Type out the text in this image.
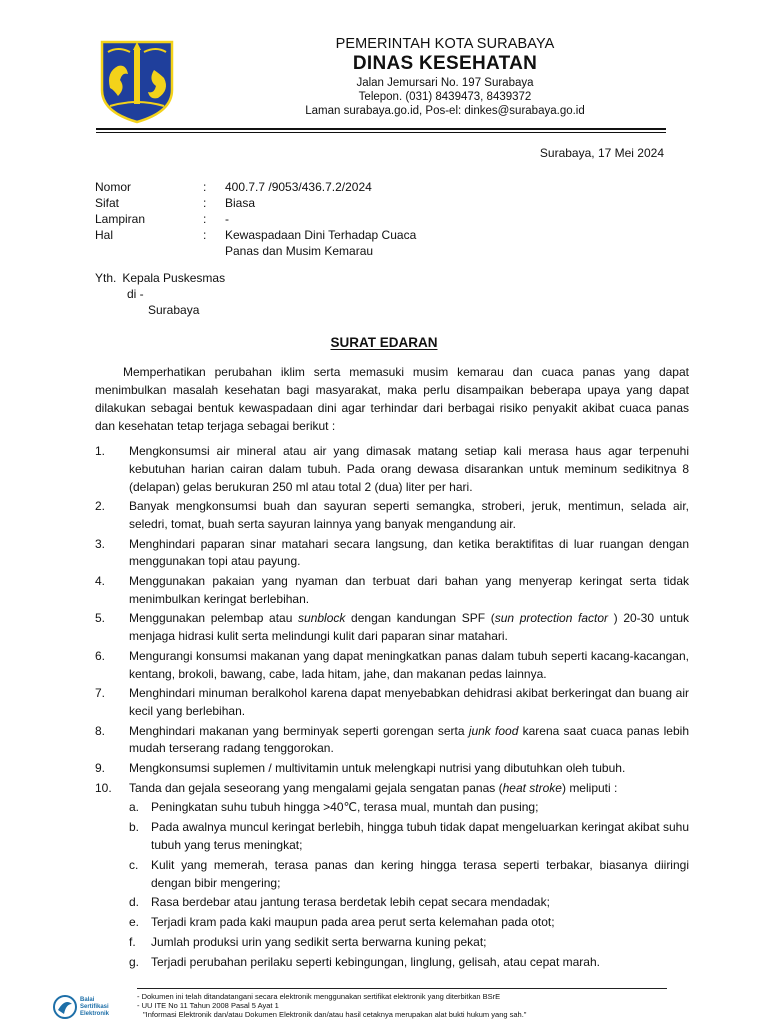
PEMERINTAH KOTA SURABAYA
DINAS KESEHATAN
Jalan Jemursari No. 197 Surabaya
Telepon. (031) 8439473, 8439372
Laman surabaya.go.id, Pos-el: dinkes@surabaya.go.id
Surabaya, 17 Mei 2024
Nomor	:	400.7.7 /9053/436.7.2/2024
Sifat	:	Biasa
Lampiran	:	-
Hal	:	Kewaspadaan Dini Terhadap Cuaca Panas dan Musim Kemarau
Yth. Kepala Puskesmas
di -
Surabaya
SURAT EDARAN
Memperhatikan perubahan iklim serta memasuki musim kemarau dan cuaca panas yang dapat menimbulkan masalah kesehatan bagi masyarakat, maka perlu disampaikan beberapa upaya yang dapat dilakukan sebagai bentuk kewaspadaan dini agar terhindar dari berbagai risiko penyakit akibat cuaca panas dan kesehatan tetap terjaga sebagai berikut :
1.	Mengkonsumsi air mineral atau air yang dimasak matang setiap kali merasa haus agar terpenuhi kebutuhan harian cairan dalam tubuh. Pada orang dewasa disarankan untuk meminum sedikitnya 8 (delapan) gelas berukuran 250 ml atau total 2 (dua) liter per hari.
2.	Banyak mengkonsumsi buah dan sayuran seperti semangka, stroberi, jeruk, mentimun, selada air, seledri, tomat, buah serta sayuran lainnya yang banyak mengandung air.
3.	Menghindari paparan sinar matahari secara langsung, dan ketika beraktifitas di luar ruangan dengan menggunakan topi atau payung.
4.	Menggunakan pakaian yang nyaman dan terbuat dari bahan yang menyerap keringat serta tidak menimbulkan keringat berlebihan.
5.	Menggunakan pelembap atau sunblock dengan kandungan SPF (sun protection factor ) 20-30 untuk menjaga hidrasi kulit serta melindungi kulit dari paparan sinar matahari.
6.	Mengurangi konsumsi makanan yang dapat meningkatkan panas dalam tubuh seperti kacang-kacangan, kentang, brokoli, bawang, cabe, lada hitam, jahe, dan makanan pedas lainnya.
7.	Menghindari minuman beralkohol karena dapat menyebabkan dehidrasi akibat berkeringat dan buang air kecil yang berlebihan.
8.	Menghindari makanan yang berminyak seperti gorengan serta junk food karena saat cuaca panas lebih mudah terserang radang tenggorokan.
9.	Mengkonsumsi suplemen / multivitamin untuk melengkapi nutrisi yang dibutuhkan oleh tubuh.
10.	Tanda dan gejala seseorang yang mengalami gejala sengatan panas (heat stroke) meliputi :
a. Peningkatan suhu tubuh hingga >40℃, terasa mual, muntah dan pusing;
b. Pada awalnya muncul keringat berlebih, hingga tubuh tidak dapat mengeluarkan keringat akibat suhu tubuh yang terus meningkat;
c.	Kulit yang memerah, terasa panas dan kering hingga terasa seperti terbakar, biasanya diiringi dengan bibir mengering;
d. Rasa berdebar atau jantung terasa berdetak lebih cepat secara mendadak;
e. Terjadi kram pada kaki maupun pada area perut serta kelemahan pada otot;
f.	Jumlah produksi urin yang sedikit serta berwarna kuning pekat;
g. Terjadi perubahan perilaku seperti kebingungan, linglung, gelisah, atau cepat marah.
Balai Sertifikasi Elektronik
- Dokumen ini telah ditandatangani secara elektronik menggunakan sertifikat elektronik yang diterbitkan BSrE
- UU ITE No 11 Tahun 2008 Pasal 5 Ayat 1
"Informasi Elektronik dan/atau Dokumen Elektronik dan/atau hasil cetaknya merupakan alat bukti hukum yang sah."
